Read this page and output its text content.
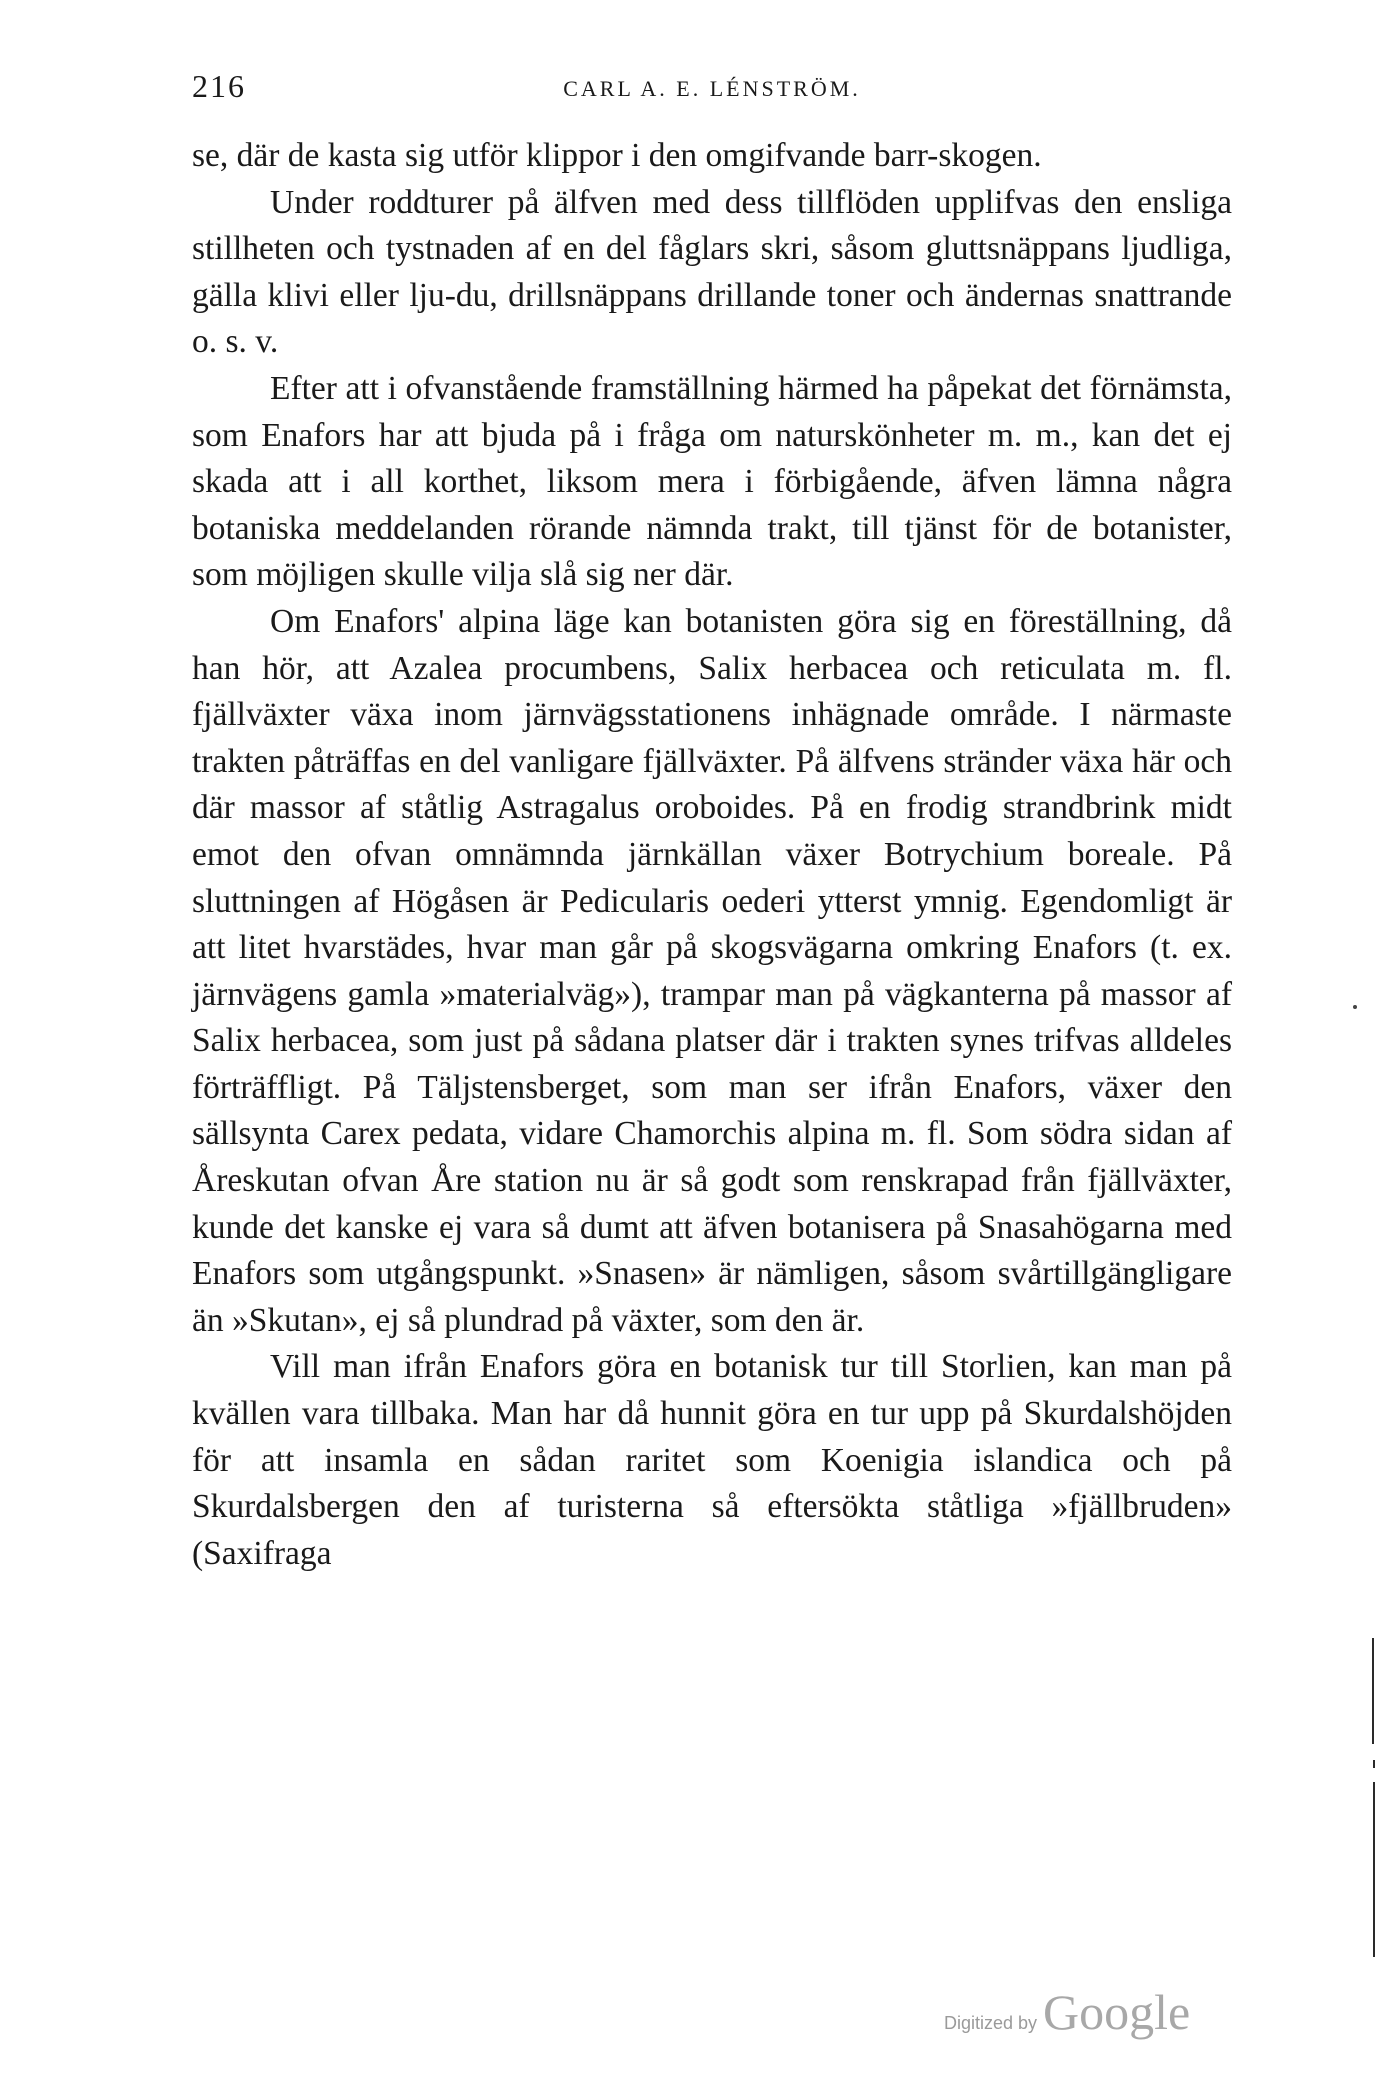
216	CARL A. E. LÉNSTRÖM.

se, där de kasta sig utför klippor i den omgifvande barr-skogen.

Under roddturer på älfven med dess tillflöden upplifvas den ensliga stillheten och tystnaden af en del fåglars skri, såsom gluttsnäppans ljudliga, gälla klivi eller lju-du, drillsnäppans drillande toner och ändernas snattrande o. s. v.

Efter att i ofvanstående framställning härmed ha påpekat det förnämsta, som Enafors har att bjuda på i fråga om naturskönheter m. m., kan det ej skada att i all korthet, liksom mera i förbigående, äfven lämna några botaniska meddelanden rörande nämnda trakt, till tjänst för de botanister, som möjligen skulle vilja slå sig ner där.

Om Enafors' alpina läge kan botanisten göra sig en föreställning, då han hör, att Azalea procumbens, Salix herbacea och reticulata m. fl. fjällväxter växa inom järnvägsstationens inhägnade område. I närmaste trakten påträffas en del vanligare fjällväxter. På älfvens stränder växa här och där massor af ståtlig Astragalus oroboides. På en frodig strandbrink midt emot den ofvan omnämnda järnkällan växer Botrychium boreale. På sluttningen af Högåsen är Pedicularis oederi ytterst ymnig. Egendomligt är att litet hvarstädes, hvar man går på skogsvägarna omkring Enafors (t. ex. järnvägens gamla »materialväg»), trampar man på vägkanterna på massor af Salix herbacea, som just på sådana platser där i trakten synes trifvas alldeles förträffligt. På Täljstensberget, som man ser ifrån Enafors, växer den sällsynta Carex pedata, vidare Chamorchis alpina m. fl. Som södra sidan af Åreskutan ofvan Åre station nu är så godt som renskrapad från fjällväxter, kunde det kanske ej vara så dumt att äfven botanisera på Snasahögarna med Enafors som utgångspunkt. »Snasen» är nämligen, såsom svårtillgängligare än »Skutan», ej så plundrad på växter, som den är.

Vill man ifrån Enafors göra en botanisk tur till Storlien, kan man på kvällen vara tillbaka. Man har då hunnit göra en tur upp på Skurdalshöjden för att insamla en sådan raritet som Koenigia islandica och på Skurdalsbergen den af turisterna så eftersökta ståtliga »fjällbruden» (Saxifraga

Digitized by Google
